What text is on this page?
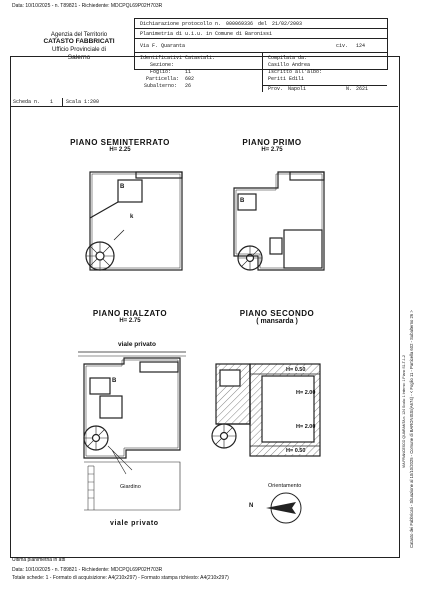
Data: 10/10/2025 - n. T89821 - Richiedente: MDCPQL69P02H703R
Agenzia del Territorio
CATASTO FABBRICATI
Ufficio Provinciale di
Salerno
Dichiarazione protocollo n. 000069336 del 21/02/2003
Planimetria di u.i.u. in Comune di Baronissi
Via F. Quaranta	civ. 124
Identificativi Catastali:
Sezione:
Foglio:	11
Particella: 602
Subalterno: 26
Compilata da:
Casillo Andrea
Iscritto all'albo:
Periti Edili
Prov. Napoli	N. 2621
Scheda n. 1	Scala 1:200
PIANO SEMINTERRATO
H= 2.25
PIANO PRIMO
H= 2.75
PIANO RIALZATO
H= 2.75
PIANO SECONDO
( mansarda )
B
k
B
viale privato
B
Giardino
viale privato
H= 0.50
H= 2.00
H= 2.00
H= 0.50
Orientamento
N
Ultima planimetria in atti
Data: 10/10/2025 - n. T89821 - Richiedente: MDCPQL69P02H703R
Totale schede: 1 - Formato di acquisizione: A4(210x297) - Formato stampa richiesto: A4(210x297)
Catasto dei Fabbricati - Situazione al 10/10/2025 - Comune di BARONISSI(A674) - < Foglio 11 - Particella 602 - Subalterno 26 >
VIA FRANCESCO QUARANTA n. 124 Scala: 1 Interno: 1 Piano S1-T-1-2
